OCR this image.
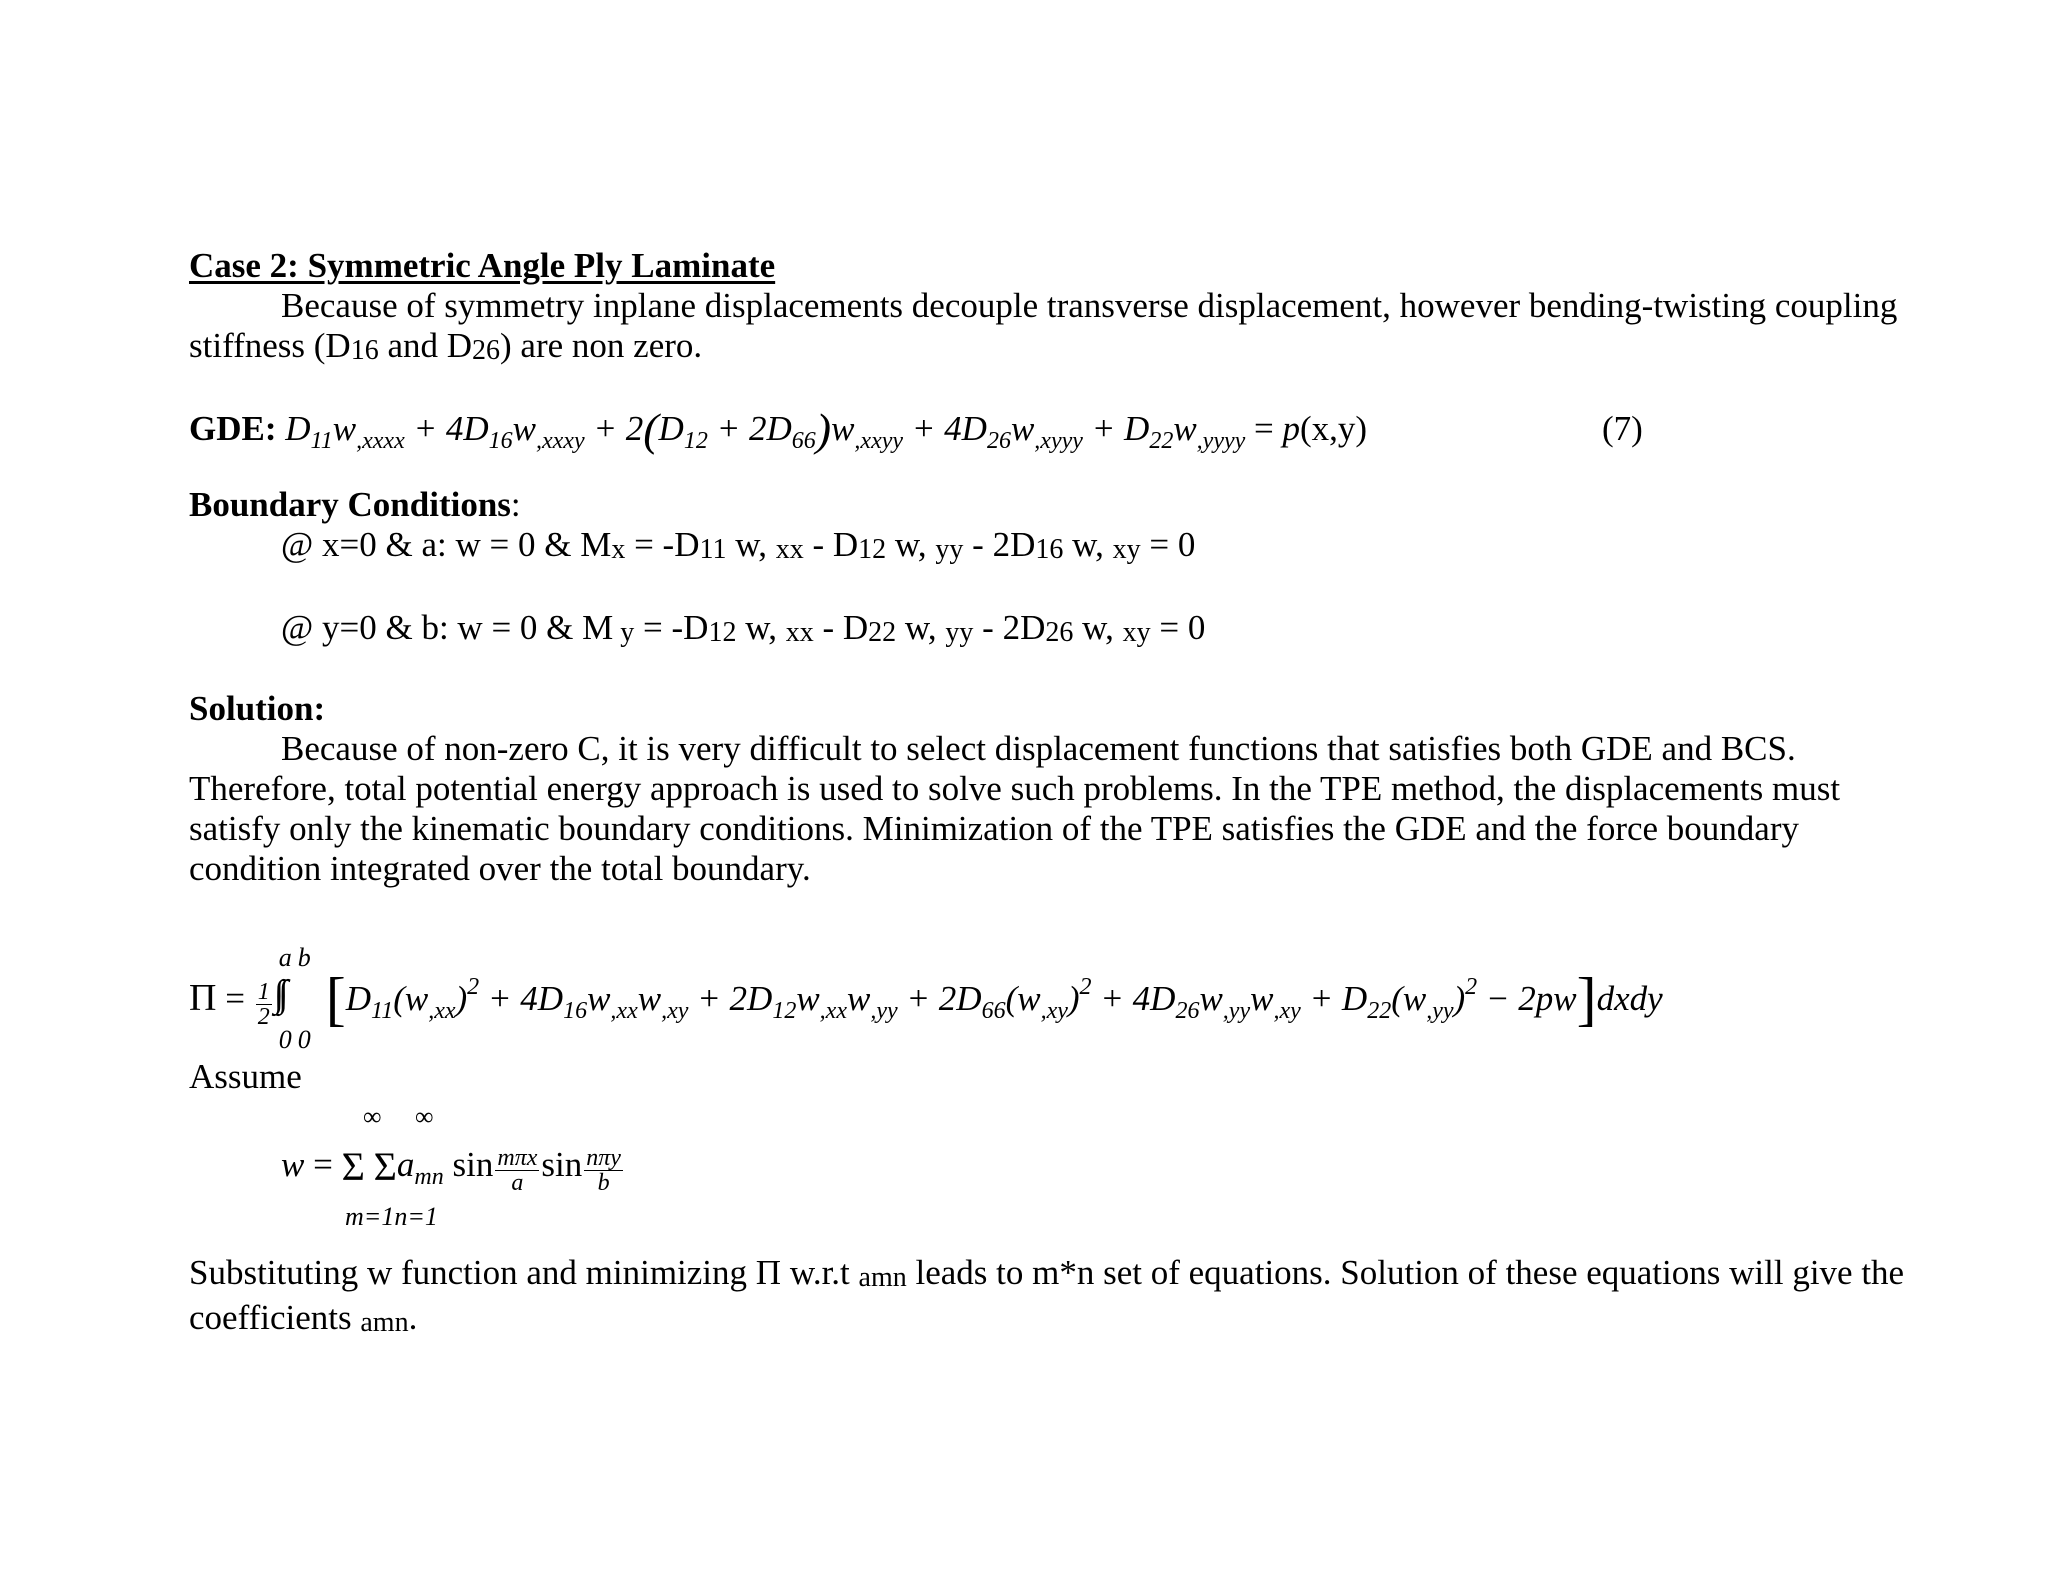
Case 2: Symmetric Angle Ply Laminate

Because of symmetry inplane displacements decouple transverse displacement, however bending-twisting coupling stiffness (D16 and D26) are non zero.

GDE: $D_{11}w_{,xxxx} + 4D_{16}w_{,xxxy} + 2(D_{12} + 2D_{66})w_{,xxyy} + 4D_{26}w_{,xyyy} + D_{22}w_{,yyyy} = p(x,y)$	(7)
Boundary Conditions:
@ x=0 & a: w = 0 & Mx = -D11 w, xx - D12 w, yy - 2D16 w, xy = 0
@ y=0 & b: w = 0 & M y = -D12 w, xx - D22 w, yy - 2D26 w, xy = 0
Solution:

Because of non-zero C, it is very difficult to select displacement functions that satisfies both GDE and BCS. Therefore, total potential energy approach is used to solve such problems. In the TPE method, the displacements must satisfy only the kinematic boundary conditions. Minimization of the TPE satisfies the GDE and the force boundary condition integrated over the total boundary.

$\Pi = \frac{1}{2}$ ∫∫
ab
00
[$D_{11}(w_{,xx})^2 + 4D_{16}w_{,xx}w_{,xy} + 2D_{12}w_{,xx}w_{,yy} + 2D_{66}(w_{,xy})^2 + 4D_{26}w_{,yy}w_{,xy} + D_{22}(w_{,yy})^2$ − 2pw]dxdy
Assume
∞ ∞
w = Σ $\Sigma a_{mn}$ $\sin \frac{\text{mπx}}{a}$ $\sin \frac{\text{nπy}}{b}$
m=1n=1

Substituting w function and minimizing Π w.r.t amn leads to m*n set of equations. Solution of these equations will give the coefficients amn.
